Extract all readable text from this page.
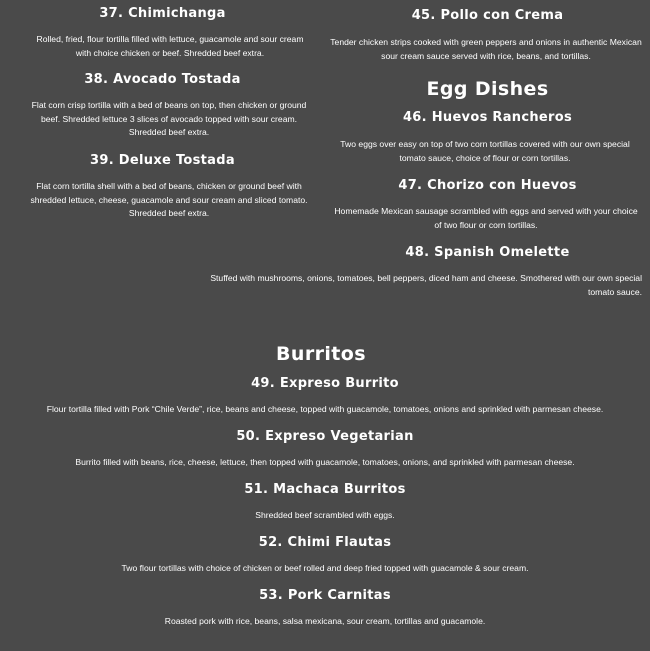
37. Chimichanga

Rolled, fried, flour tortilla filled with lettuce, guacamole and sour cream with choice chicken or beef. Shredded beef extra.

38. Avocado Tostada

Flat corn crisp tortilla with a bed of beans on top, then chicken or ground beef. Shredded lettuce 3 slices of avocado topped with sour cream. Shredded beef extra.

39. Deluxe Tostada

Flat corn tortilla shell with a bed of beans, chicken or ground beef with shredded lettuce, cheese, guacamole and sour cream and sliced tomato. Shredded beef extra.

45. Pollo con Crema

Tender chicken strips cooked with green peppers and onions in authentic Mexican sour cream sauce served with rice, beans, and tortillas.

Egg Dishes
46. Huevos Rancheros

Two eggs over easy on top of two corn tortillas covered with our own special tomato sauce, choice of flour or corn tortillas.

47. Chorizo con Huevos

Homemade Mexican sausage scrambled with eggs and served with your choice of two flour or corn tortillas.

48. Spanish Omelette

Stuffed with mushrooms, onions, tomatoes, bell peppers, diced ham and cheese. Smothered with our own special tomato sauce.

Burritos
49. Expreso Burrito

Flour tortilla filled with Pork “Chile Verde”, rice, beans and cheese, topped with guacamole, tomatoes, onions and sprinkled with parmesan cheese.

50. Expreso Vegetarian

Burrito filled with beans, rice, cheese, lettuce, then topped with guacamole, tomatoes, onions, and sprinkled with parmesan cheese.

51. Machaca Burritos

Shredded beef scrambled with eggs.

52. Chimi Flautas

Two flour tortillas with choice of chicken or beef rolled and deep fried topped with guacamole & sour cream.

53. Pork Carnitas

Roasted pork with rice, beans, salsa mexicana, sour cream, tortillas and guacamole.
